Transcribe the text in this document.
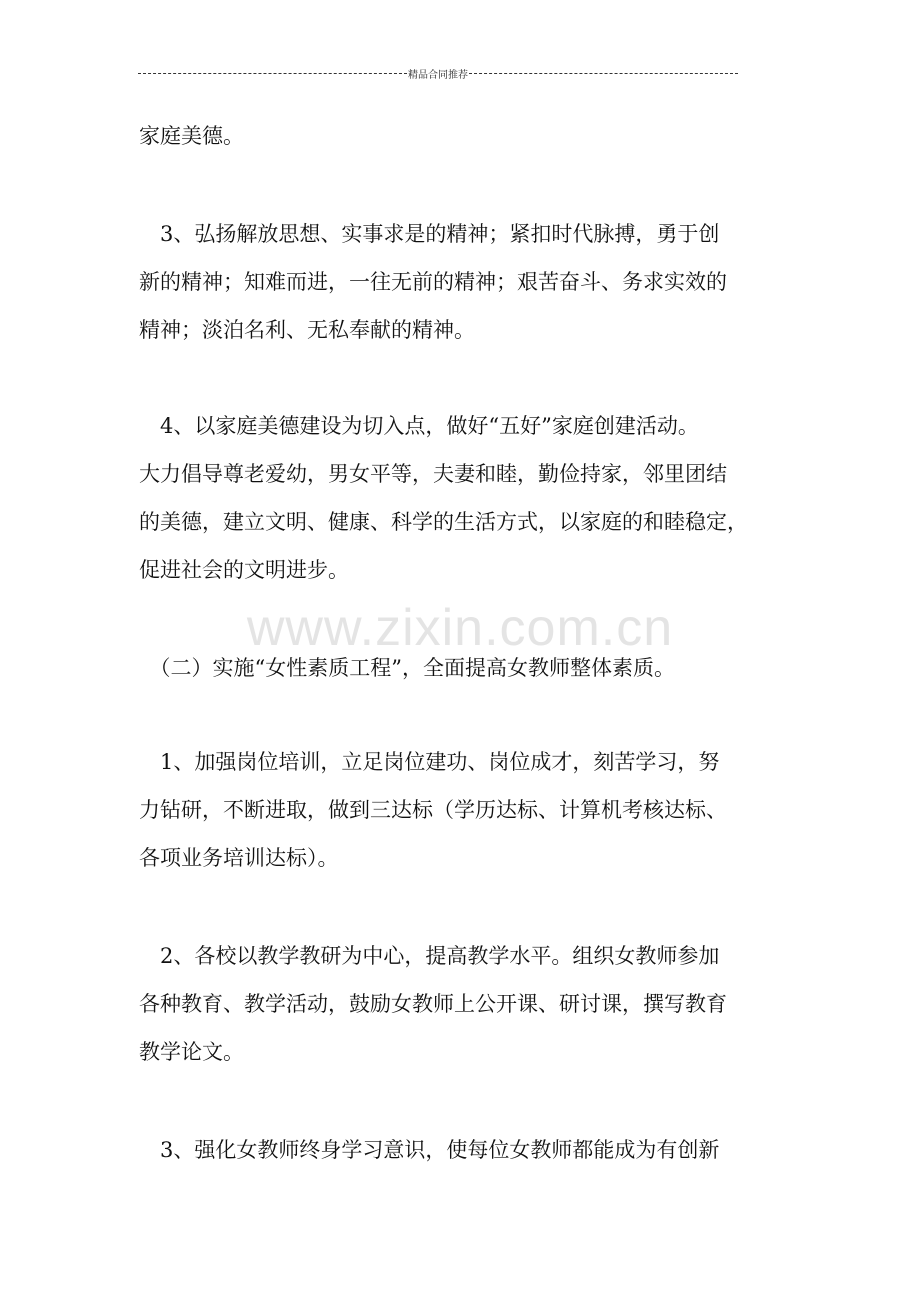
精品合同推荐
www.zixin.com.cn
家庭美德。
　3、弘扬解放思想、实事求是的精神；紧扣时代脉搏，勇于创
新的精神；知难而进，一往无前的精神；艰苦奋斗、务求实效的
精神；淡泊名利、无私奉献的精神。
　4、以家庭美德建设为切入点，做好“五好”家庭创建活动。
大力倡导尊老爱幼，男女平等，夫妻和睦，勤俭持家，邻里团结
的美德，建立文明、健康、科学的生活方式，以家庭的和睦稳定，
促进社会的文明进步。
　（二）实施“女性素质工程”，全面提高女教师整体素质。
　1、加强岗位培训，立足岗位建功、岗位成才，刻苦学习，努
力钻研，不断进取，做到三达标（学历达标、计算机考核达标、
各项业务培训达标）。
　2、各校以教学教研为中心，提高教学水平。组织女教师参加
各种教育、教学活动，鼓励女教师上公开课、研讨课，撰写教育
教学论文。
　3、强化女教师终身学习意识，使每位女教师都能成为有创新
